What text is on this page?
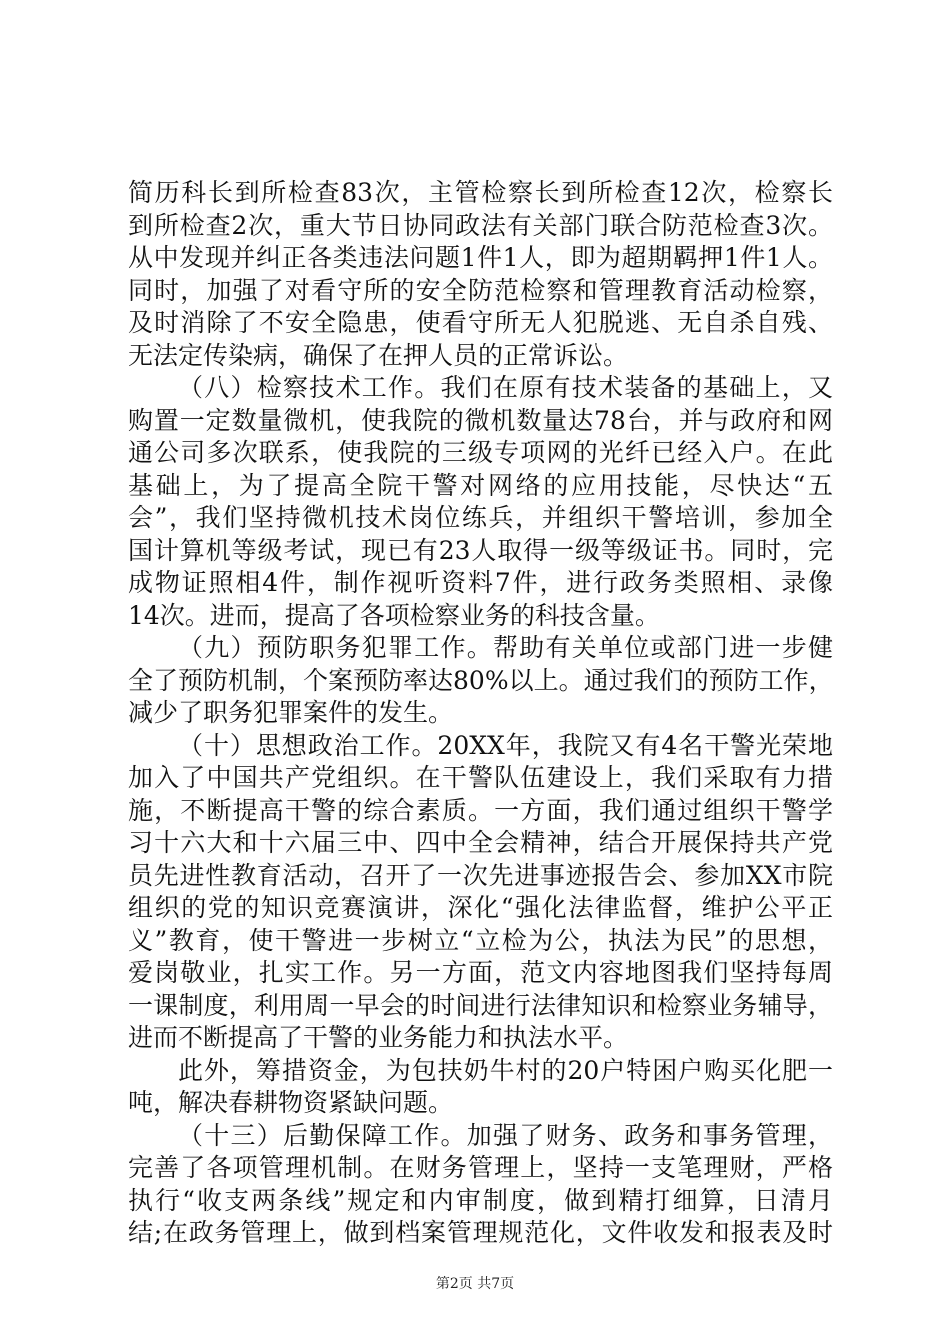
简历科长到所检查83次，主管检察长到所检查12次，检察长
到所检查2次，重大节日协同政法有关部门联合防范检查3次。
从中发现并纠正各类违法问题1件1人，即为超期羁押1件1人。
同时，加强了对看守所的安全防范检察和管理教育活动检察，
及时消除了不安全隐患，使看守所无人犯脱逃、无自杀自残、
无法定传染病，确保了在押人员的正常诉讼。
（八）检察技术工作。我们在原有技术装备的基础上，又
购置一定数量微机，使我院的微机数量达78台，并与政府和网
通公司多次联系，使我院的三级专项网的光纤已经入户。在此
基础上，为了提高全院干警对网络的应用技能，尽快达“五
会”，我们坚持微机技术岗位练兵，并组织干警培训，参加全
国计算机等级考试，现已有23人取得一级等级证书。同时，完
成物证照相4件，制作视听资料7件，进行政务类照相、录像
14次。进而，提高了各项检察业务的科技含量。
（九）预防职务犯罪工作。帮助有关单位或部门进一步健
全了预防机制，个案预防率达80%以上。通过我们的预防工作，
减少了职务犯罪案件的发生。
（十）思想政治工作。20XX年，我院又有4名干警光荣地
加入了中国共产党组织。在干警队伍建设上，我们采取有力措
施，不断提高干警的综合素质。一方面，我们通过组织干警学
习十六大和十六届三中、四中全会精神，结合开展保持共产党
员先进性教育活动，召开了一次先进事迹报告会、参加XX市院
组织的党的知识竞赛演讲，深化“强化法律监督，维护公平正
义”教育，使干警进一步树立“立检为公，执法为民”的思想，
爱岗敬业，扎实工作。另一方面，范文内容地图我们坚持每周
一课制度，利用周一早会的时间进行法律知识和检察业务辅导，
进而不断提高了干警的业务能力和执法水平。
此外，筹措资金，为包扶奶牛村的20户特困户购买化肥一
吨，解决春耕物资紧缺问题。
（十三）后勤保障工作。加强了财务、政务和事务管理，
完善了各项管理机制。在财务管理上，坚持一支笔理财，严格
执行“收支两条线”规定和内审制度，做到精打细算，日清月
结;在政务管理上，做到档案管理规范化，文件收发和报表及时
第2页 共7页
